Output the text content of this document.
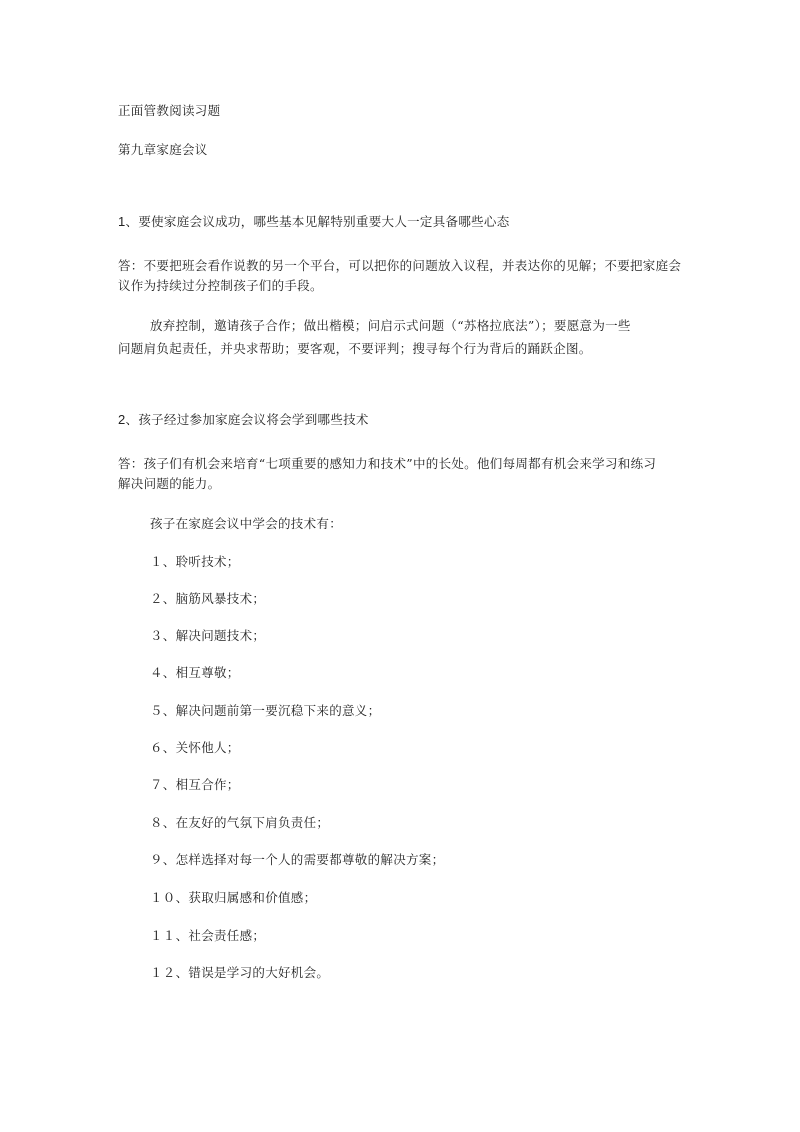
正面管教阅读习题
第九章家庭会议
1、要使家庭会议成功，哪些基本见解特别重要大人一定具备哪些心态
答：不要把班会看作说教的另一个平台，可以把你的问题放入议程，并表达你的见解；不要把家庭会
议作为持续过分控制孩子们的手段。
放弃控制，邀请孩子合作；做出楷模；问启示式问题（“苏格拉底法”）；要愿意为一些
问题肩负起责任，并央求帮助；要客观，不要评判；搜寻每个行为背后的踊跃企图。
2、孩子经过参加家庭会议将会学到哪些技术
答：孩子们有机会来培育“七项重要的感知力和技术”中的长处。他们每周都有机会来学习和练习
解决问题的能力。
孩子在家庭会议中学会的技术有：
１、聆听技术；
２、脑筋风暴技术；
３、解决问题技术；
４、相互尊敬；
５、解决问题前第一要沉稳下来的意义；
６、关怀他人；
７、相互合作；
８、在友好的气氛下肩负责任；
９、怎样选择对每一个人的需要都尊敬的解决方案；
１０、获取归属感和价值感；
１１、社会责任感；
１２、错误是学习的大好机会。
